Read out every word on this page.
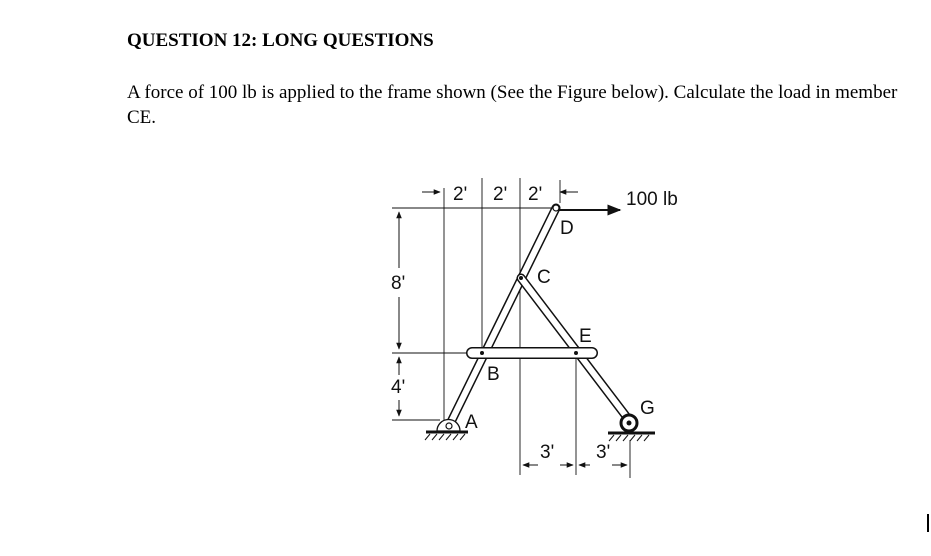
QUESTION 12: LONG QUESTIONS
A force of 100 lb is applied to the frame shown (See the Figure below). Calculate the load in member CE.
2' 2' 2'	100 lb
8'
4'
3' 3'
D
C
E
B
A
G
